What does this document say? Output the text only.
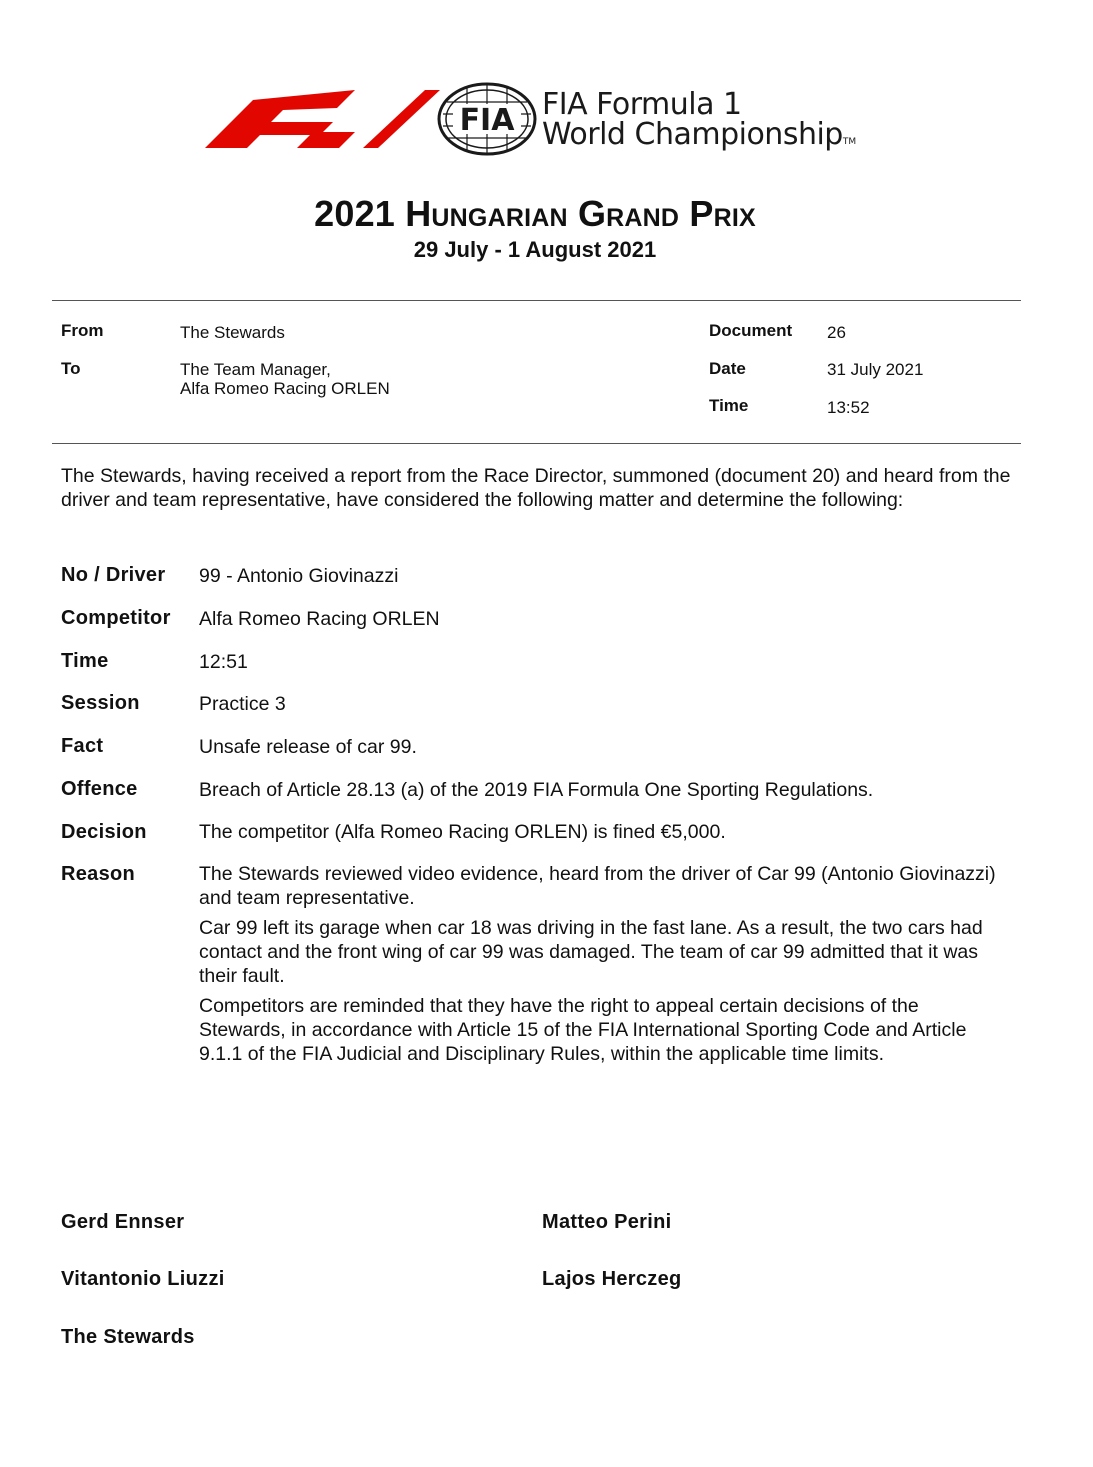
FIA FIA Formula 1
World ChampionshipTM
2021 Hungarian Grand Prix
29 July - 1 August 2021
From	The Stewards
To	The Team Manager,
Alfa Romeo Racing ORLEN
Document 26
Date	31 July 2021
Time	13:52
The Stewards, having received a report from the Race Director, summoned (document 20) and heard from the driver and team representative, have considered the following matter and determine the following:
No / Driver 99 - Antonio Giovinazzi
Competitor Alfa Romeo Racing ORLEN
Time	12:51
Session	Practice 3
Fact	Unsafe release of car 99.
Offence	Breach of Article 28.13 (a) of the 2019 FIA Formula One Sporting Regulations.
Decision	The competitor (Alfa Romeo Racing ORLEN) is fined €5,000.
Reason	The Stewards reviewed video evidence, heard from the driver of Car 99 (Antonio Giovinazzi) and team representative.

Car 99 left its garage when car 18 was driving in the fast lane. As a result, the two cars had contact and the front wing of car 99 was damaged. The team of car 99 admitted that it was their fault.

Competitors are reminded that they have the right to appeal certain decisions of the Stewards, in accordance with Article 15 of the FIA International Sporting Code and Article 9.1.1 of the FIA Judicial and Disciplinary Rules, within the applicable time limits.

Gerd Ennser	Matteo Perini
Vitantonio Liuzzi	Lajos Herczeg
The Stewards
